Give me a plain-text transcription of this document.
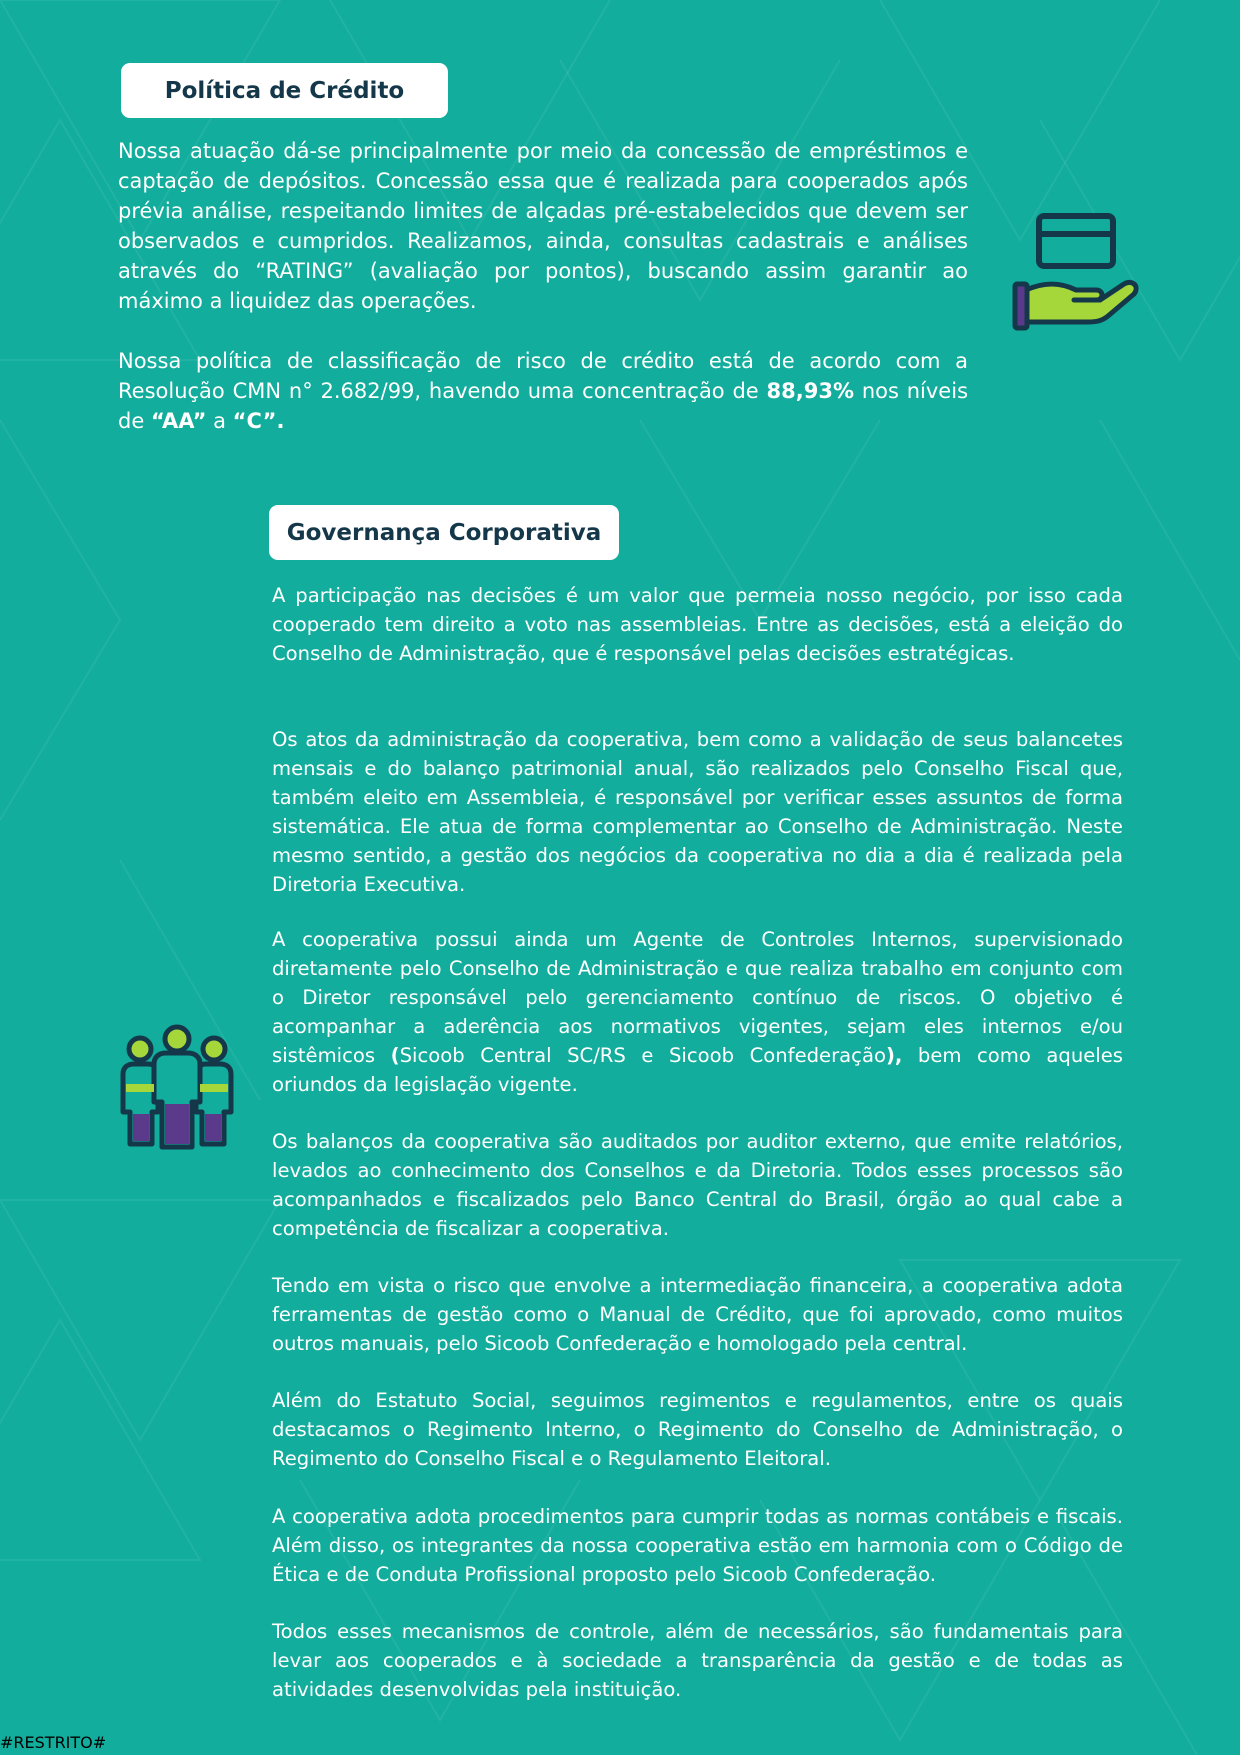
Política de Crédito

Nossa atuação dá-se principalmente por meio da concessão de empréstimos e captação de depósitos. Concessão essa que é realizada para cooperados após prévia análise, respeitando limites de alçadas pré-estabelecidos que devem ser observados e cumpridos. Realizamos, ainda, consultas cadastrais e análises através do “RATING” (avaliação por pontos), buscando assim garantir ao máximo a liquidez das operações.

Nossa política de classificação de risco de crédito está de acordo com a Resolução CMN n° 2.682/99, havendo uma concentração de 88,93% nos níveis de “AA” a “C”.

Governança Corporativa

A participação nas decisões é um valor que permeia nosso negócio, por isso cada cooperado tem direito a voto nas assembleias. Entre as decisões, está a eleição do Conselho de Administração, que é responsável pelas decisões estratégicas.

Os atos da administração da cooperativa, bem como a validação de seus balancetes mensais e do balanço patrimonial anual, são realizados pelo Conselho Fiscal que, também eleito em Assembleia, é responsável por verificar esses assuntos de forma sistemática. Ele atua de forma complementar ao Conselho de Administração. Neste mesmo sentido, a gestão dos negócios da cooperativa no dia a dia é realizada pela Diretoria Executiva.

A cooperativa possui ainda um Agente de Controles Internos, supervisionado diretamente pelo Conselho de Administração e que realiza trabalho em conjunto com o Diretor responsável pelo gerenciamento contínuo de riscos. O objetivo é acompanhar a aderência aos normativos vigentes, sejam eles internos e/ou sistêmicos (Sicoob Central SC/RS e Sicoob Confederação), bem como aqueles oriundos da legislação vigente.

Os balanços da cooperativa são auditados por auditor externo, que emite relatórios, levados ao conhecimento dos Conselhos e da Diretoria. Todos esses processos são acompanhados e fiscalizados pelo Banco Central do Brasil, órgão ao qual cabe a competência de fiscalizar a cooperativa.

Tendo em vista o risco que envolve a intermediação financeira, a cooperativa adota ferramentas de gestão como o Manual de Crédito, que foi aprovado, como muitos outros manuais, pelo Sicoob Confederação e homologado pela central.

Além do Estatuto Social, seguimos regimentos e regulamentos, entre os quais destacamos o Regimento Interno, o Regimento do Conselho de Administração, o Regimento do Conselho Fiscal e o Regulamento Eleitoral.

A cooperativa adota procedimentos para cumprir todas as normas contábeis e fiscais. Além disso, os integrantes da nossa cooperativa estão em harmonia com o Código de Ética e de Conduta Profissional proposto pelo Sicoob Confederação.

Todos esses mecanismos de controle, além de necessários, são fundamentais para levar aos cooperados e à sociedade a transparência da gestão e de todas as atividades desenvolvidas pela instituição.

#RESTRITO#
